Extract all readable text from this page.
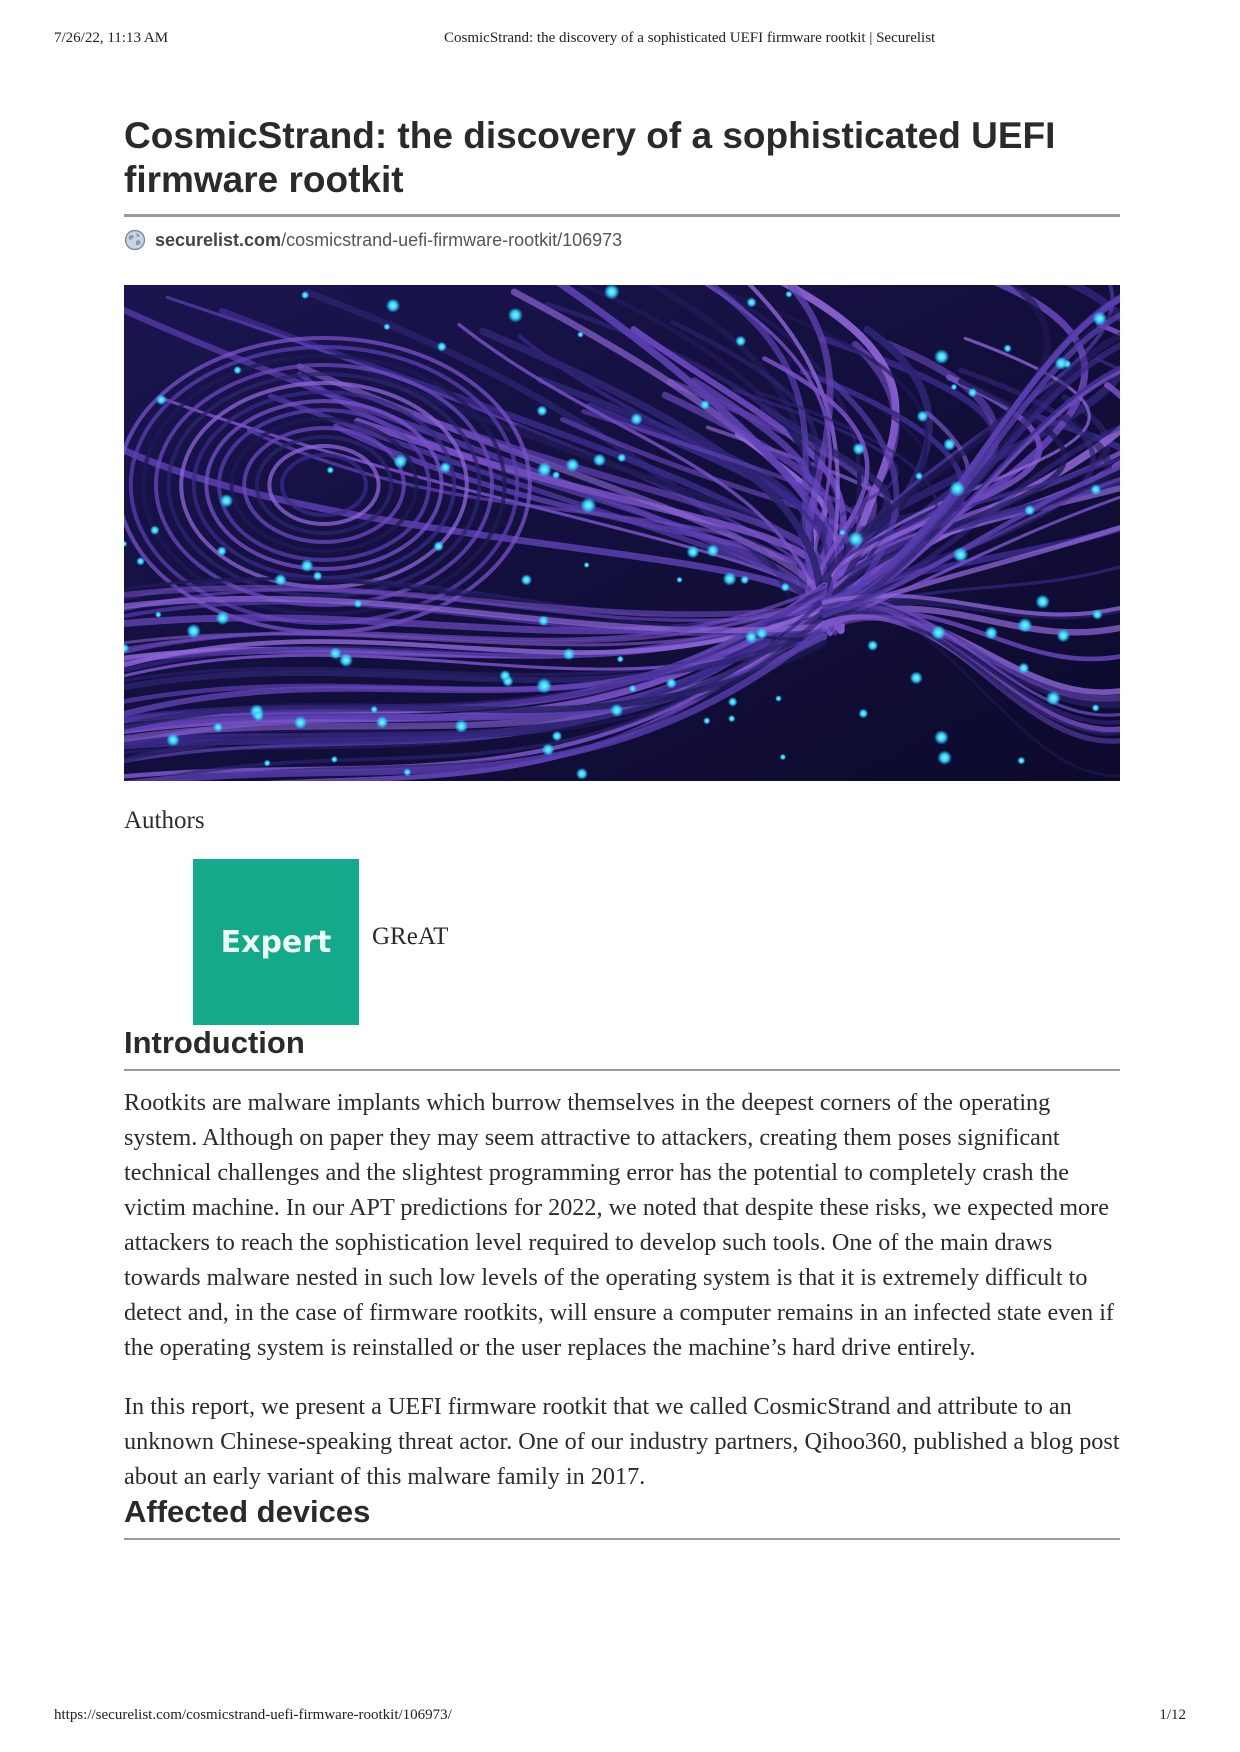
7/26/22, 11:13 AM	CosmicStrand: the discovery of a sophisticated UEFI firmware rootkit | Securelist
CosmicStrand: the discovery of a sophisticated UEFI firmware rootkit
securelist.com /cosmicstrand-uefi-firmware-rootkit/106973
Authors
Expert GReAT
Introduction

Rootkits are malware implants which burrow themselves in the deepest corners of the operating system. Although on paper they may seem attractive to attackers, creating them poses significant technical challenges and the slightest programming error has the potential to completely crash the victim machine. In our APT predictions for 2022, we noted that despite these risks, we expected more attackers to reach the sophistication level required to develop such tools. One of the main draws towards malware nested in such low levels of the operating system is that it is extremely difficult to detect and, in the case of firmware rootkits, will ensure a computer remains in an infected state even if the operating system is reinstalled or the user replaces the machine’s hard drive entirely.

In this report, we present a UEFI firmware rootkit that we called CosmicStrand and attribute to an unknown Chinese-speaking threat actor. One of our industry partners, Qihoo360, published a blog post about an early variant of this malware family in 2017.

Affected devices
https://securelist.com/cosmicstrand-uefi-firmware-rootkit/106973/	1/12
